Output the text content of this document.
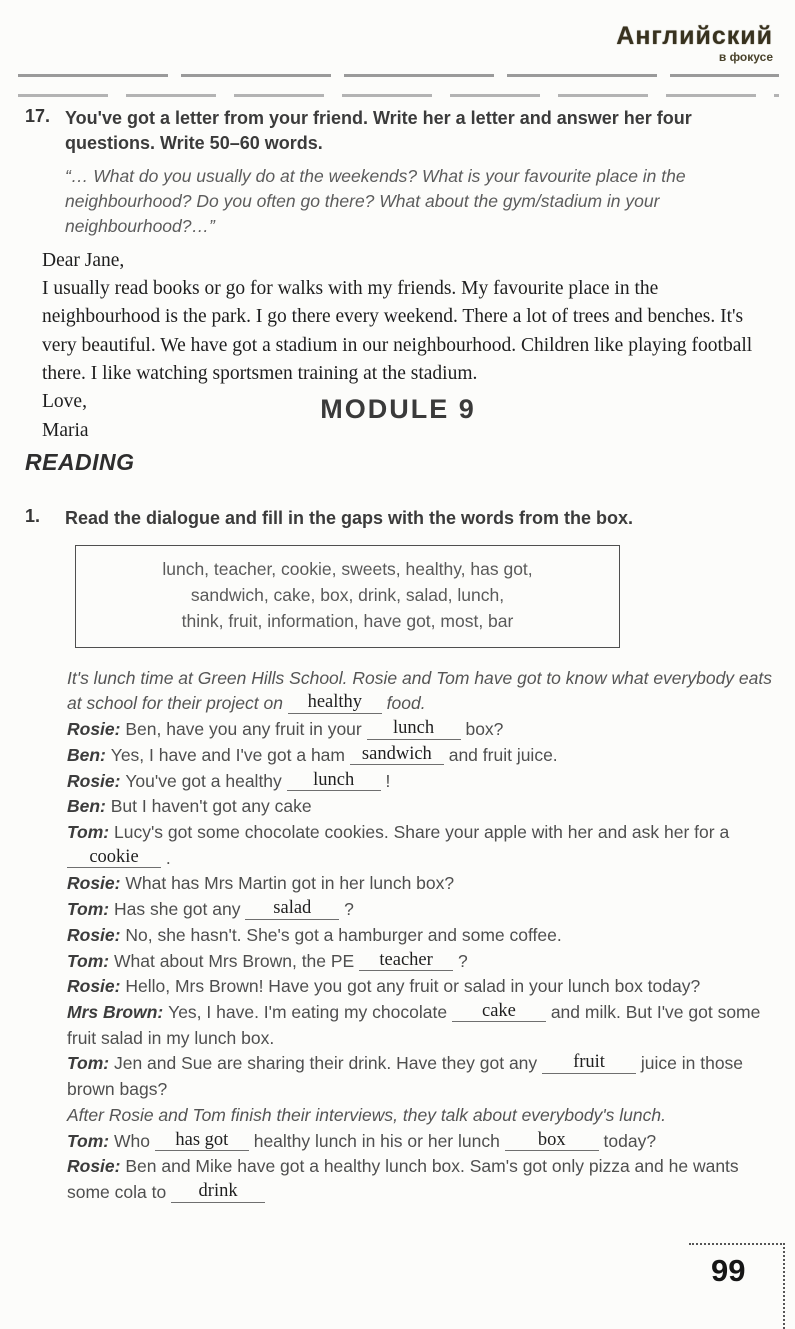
Английский
в фокусе
17. You've got a letter from your friend. Write her a letter and answer her four questions. Write 50–60 words.
“… What do you usually do at the weekends? What is your favourite place in the neighbourhood? Do you often go there? What about the gym/stadium in your neighbourhood?…”
Dear Jane,
I usually read books or go for walks with my friends. My favourite place in the neighbourhood is the park. I go there every weekend. There a lot of trees and benches. It's very beautiful. We have got a stadium in our neighbourhood. Children like playing football there. I like watching sportsmen training at the stadium.
Love,
Maria
MODULE 9
READING
1.	Read the dialogue and fill in the gaps with the words from the box.
lunch, teacher, cookie, sweets, healthy, has got,
sandwich, cake, box, drink, salad, lunch,
think, fruit, information, have got, most, bar
It's lunch time at Green Hills School. Rosie and Tom have got to know what everybody eats at school for their project on healthy food.
Rosie: Ben, have you any fruit in your lunch box?
Ben: Yes, I have and I've got a ham sandwich and fruit juice.
Rosie: You've got a healthy lunch !
Ben: But I haven't got any cake
Tom: Lucy's got some chocolate cookies. Share your apple with her and ask her for a cookie .
Rosie: What has Mrs Martin got in her lunch box?
Tom: Has she got any salad ?
Rosie: No, she hasn't. She's got a hamburger and some coffee.
Tom: What about Mrs Brown, the PE teacher ?
Rosie: Hello, Mrs Brown! Have you got any fruit or salad in your lunch box today?
Mrs Brown: Yes, I have. I'm eating my chocolate cake and milk. But I've got some fruit salad in my lunch box.
Tom: Jen and Sue are sharing their drink. Have they got any fruit juice in those brown bags?
After Rosie and Tom finish their interviews, they talk about everybody's lunch.
Tom: Who has got healthy lunch in his or her lunch box today?
Rosie: Ben and Mike have got a healthy lunch box. Sam's got only pizza and he wants some cola to drink
99
